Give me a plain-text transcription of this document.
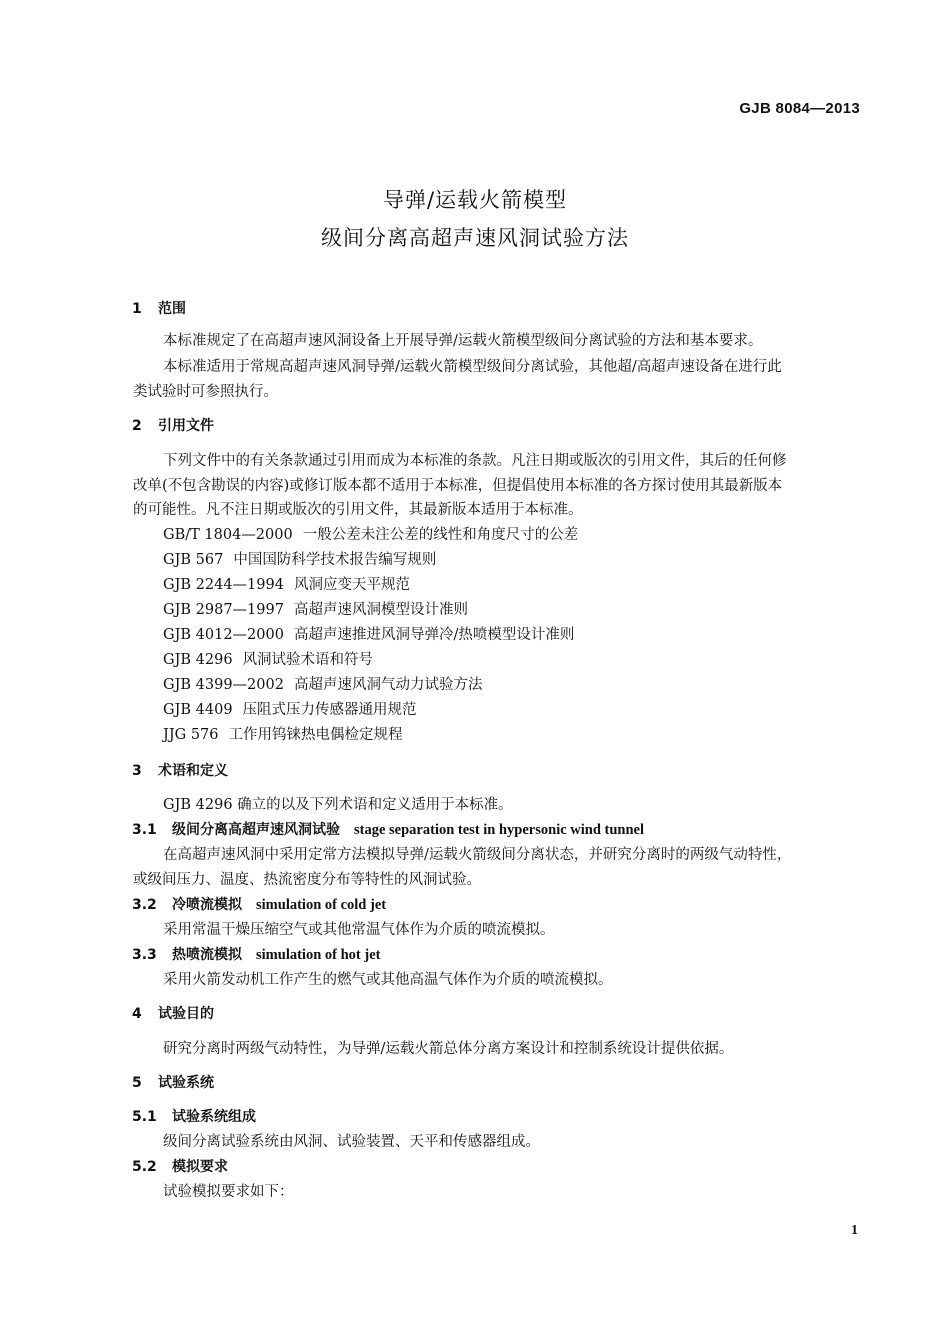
GJB 8084—2013
导弹/运载火箭模型
级间分离高超声速风洞试验方法
1 范围
本标准规定了在高超声速风洞设备上开展导弹/运载火箭模型级间分离试验的方法和基本要求。
本标准适用于常规高超声速风洞导弹/运载火箭模型级间分离试验，其他超/高超声速设备在进行此
类试验时可参照执行。
2 引用文件
下列文件中的有关条款通过引用而成为本标准的条款。凡注日期或版次的引用文件，其后的任何修
改单(不包含勘误的内容)或修订版本都不适用于本标准，但提倡使用本标准的各方探讨使用其最新版本
的可能性。凡不注日期或版次的引用文件，其最新版本适用于本标准。
GB/T 1804—2000 一般公差未注公差的线性和角度尺寸的公差
GJB 567 中国国防科学技术报告编写规则
GJB 2244—1994 风洞应变天平规范
GJB 2987—1997 高超声速风洞模型设计准则
GJB 4012—2000 高超声速推进风洞导弹冷/热喷模型设计准则
GJB 4296 风洞试验术语和符号
GJB 4399—2002 高超声速风洞气动力试验方法
GJB 4409 压阻式压力传感器通用规范
JJG 576 工作用钨铼热电偶检定规程
3 术语和定义
GJB 4296 确立的以及下列术语和定义适用于本标准。
3.1 级间分离高超声速风洞试验 stage separation test in hypersonic wind tunnel
在高超声速风洞中采用定常方法模拟导弹/运载火箭级间分离状态，并研究分离时的两级气动特性，
或级间压力、温度、热流密度分布等特性的风洞试验。
3.2 冷喷流模拟 simulation of cold jet
采用常温干燥压缩空气或其他常温气体作为介质的喷流模拟。
3.3 热喷流模拟 simulation of hot jet
采用火箭发动机工作产生的燃气或其他高温气体作为介质的喷流模拟。
4 试验目的
研究分离时两级气动特性，为导弹/运载火箭总体分离方案设计和控制系统设计提供依据。
5 试验系统
5.1 试验系统组成
级间分离试验系统由风洞、试验装置、天平和传感器组成。
5.2 模拟要求
试验模拟要求如下：
1
